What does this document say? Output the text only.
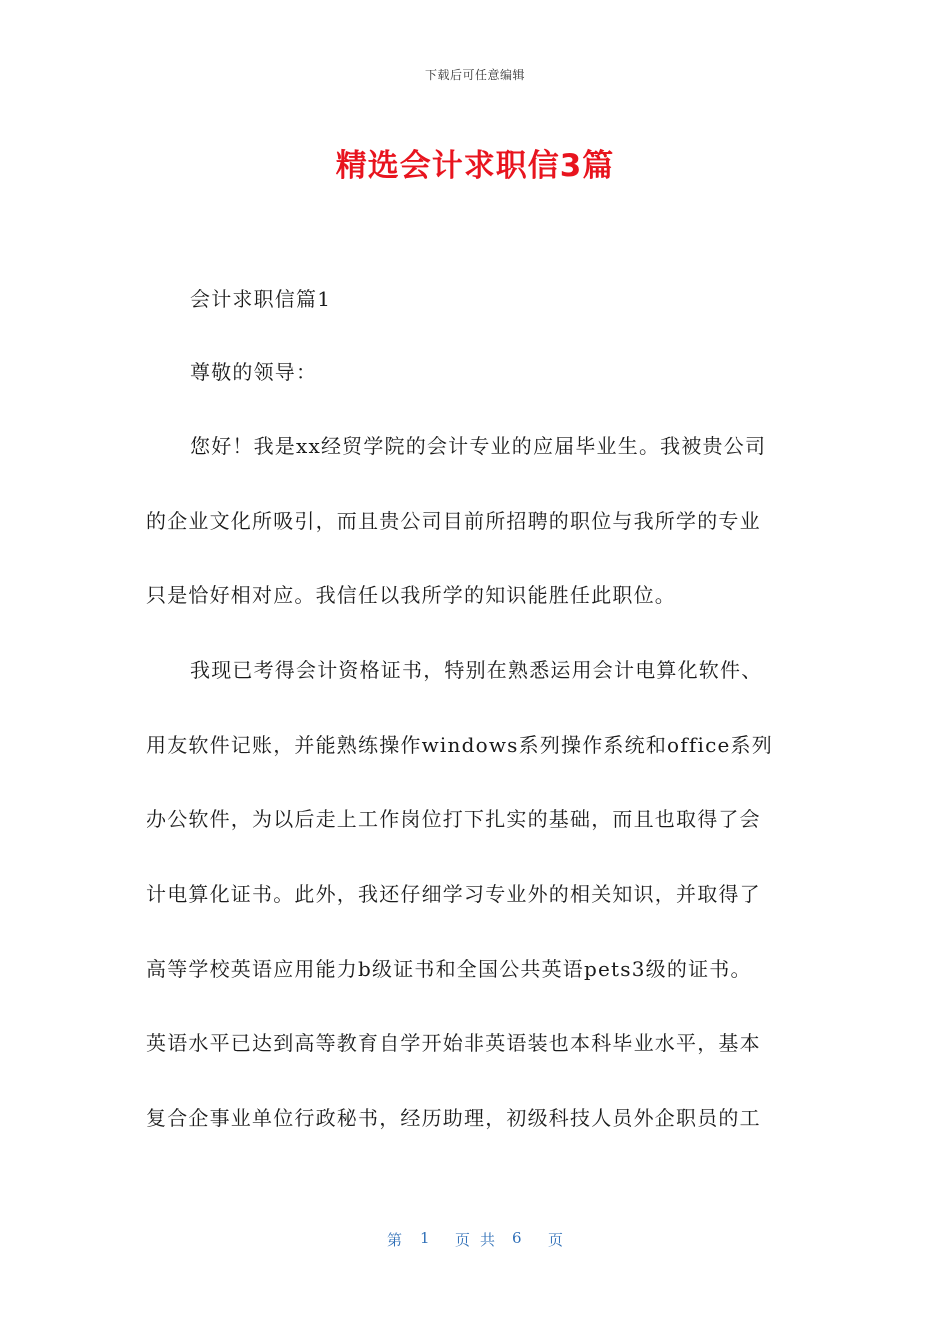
下载后可任意编辑
精选会计求职信3篇
会计求职信篇1
尊敬的领导：
您好！我是xx经贸学院的会计专业的应届毕业生。我被贵公司
的企业文化所吸引，而且贵公司目前所招聘的职位与我所学的专业
只是恰好相对应。我信任以我所学的知识能胜任此职位。
我现已考得会计资格证书，特别在熟悉运用会计电算化软件、
用友软件记账，并能熟练操作windows系列操作系统和office系列
办公软件，为以后走上工作岗位打下扎实的基础，而且也取得了会
计电算化证书。此外，我还仔细学习专业外的相关知识，并取得了
高等学校英语应用能力b级证书和全国公共英语pets3级的证书。
英语水平已达到高等教育自学开始非英语装也本科毕业水平，基本
复合企事业单位行政秘书，经历助理，初级科技人员外企职员的工
第 1 页共 6 页
